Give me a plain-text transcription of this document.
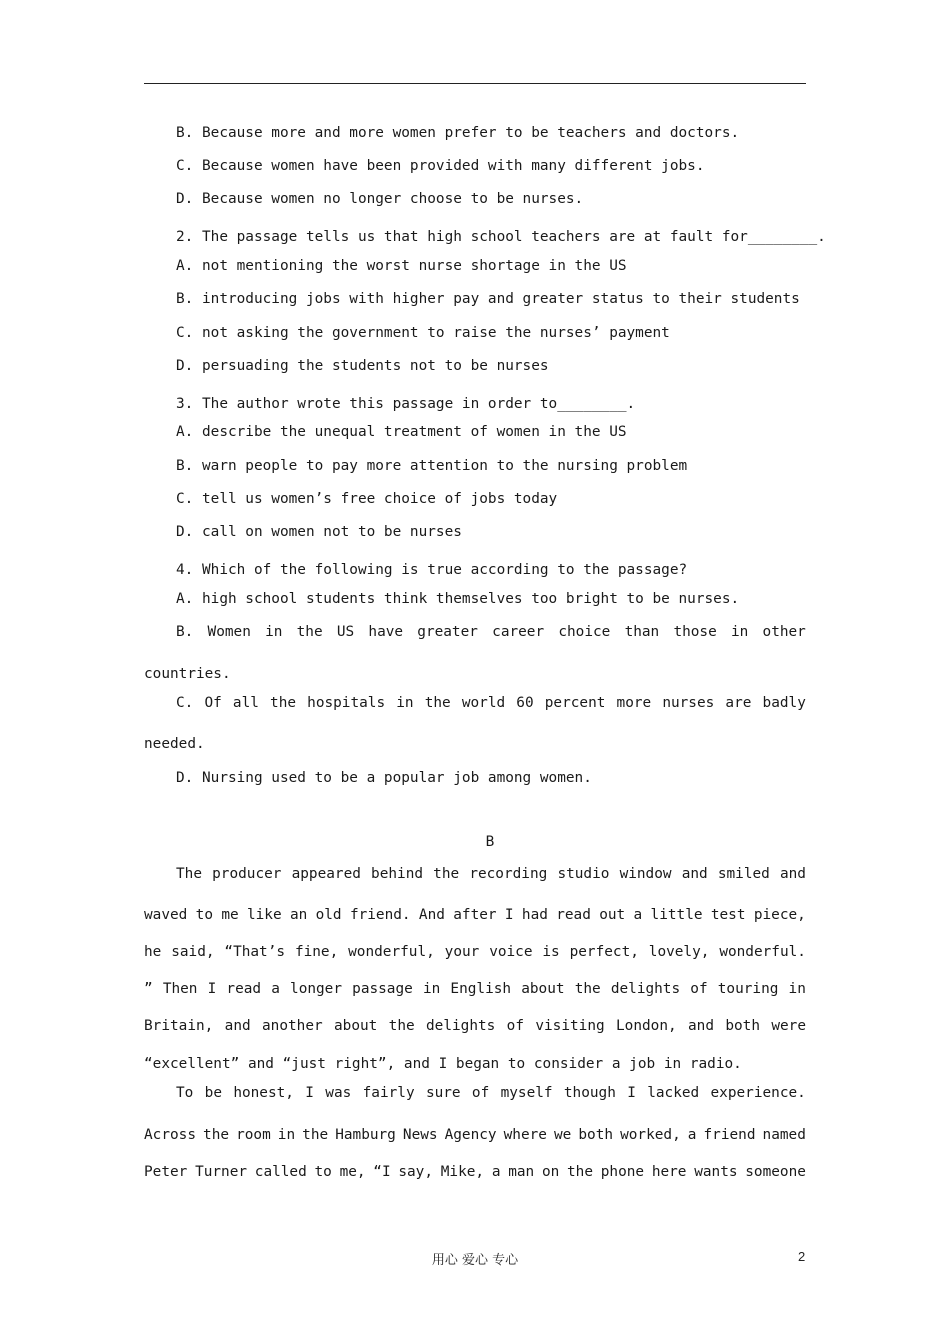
B. Because more and more women prefer to be teachers and doctors.

C. Because women have been provided with many different jobs.

D. Because women no longer choose to be nurses.

2. The passage tells us that high school teachers are at fault for________.

A. not mentioning the worst nurse shortage in the US

B. introducing jobs with higher pay and greater status to their students

C. not asking the government to raise the nurses’ payment

D. persuading the students not to be nurses

3. The author wrote this passage in order to________.

A. describe the unequal treatment of women in the US

B. warn people to pay more attention to the nursing problem

C. tell us women’s free choice of jobs today

D. call on women not to be nurses

4. Which of the following is true according to the passage?

A. high school students think themselves too bright to be nurses.

B. Women in the US have greater career choice than those in other

countries.

C. Of all the hospitals in the world 60 percent more nurses are badly

needed.

D. Nursing used to be a popular job among women.

B

The producer appeared behind the recording studio window and smiled and

waved to me like an old friend. And after I had read out a little test piece,

he said, “That’s fine, wonderful, your voice is perfect, lovely, wonderful.

” Then I read a longer passage in English about the delights of touring in

Britain, and another about the delights of visiting London, and both were

“excellent” and “just right”, and I began to consider a job in radio.

To be honest, I was fairly sure of myself though I lacked experience.

Across the room in the Hamburg News Agency where we both worked, a friend named

Peter Turner called to me, “I say, Mike, a man on the phone here wants someone

用心 爱心 专心	2
